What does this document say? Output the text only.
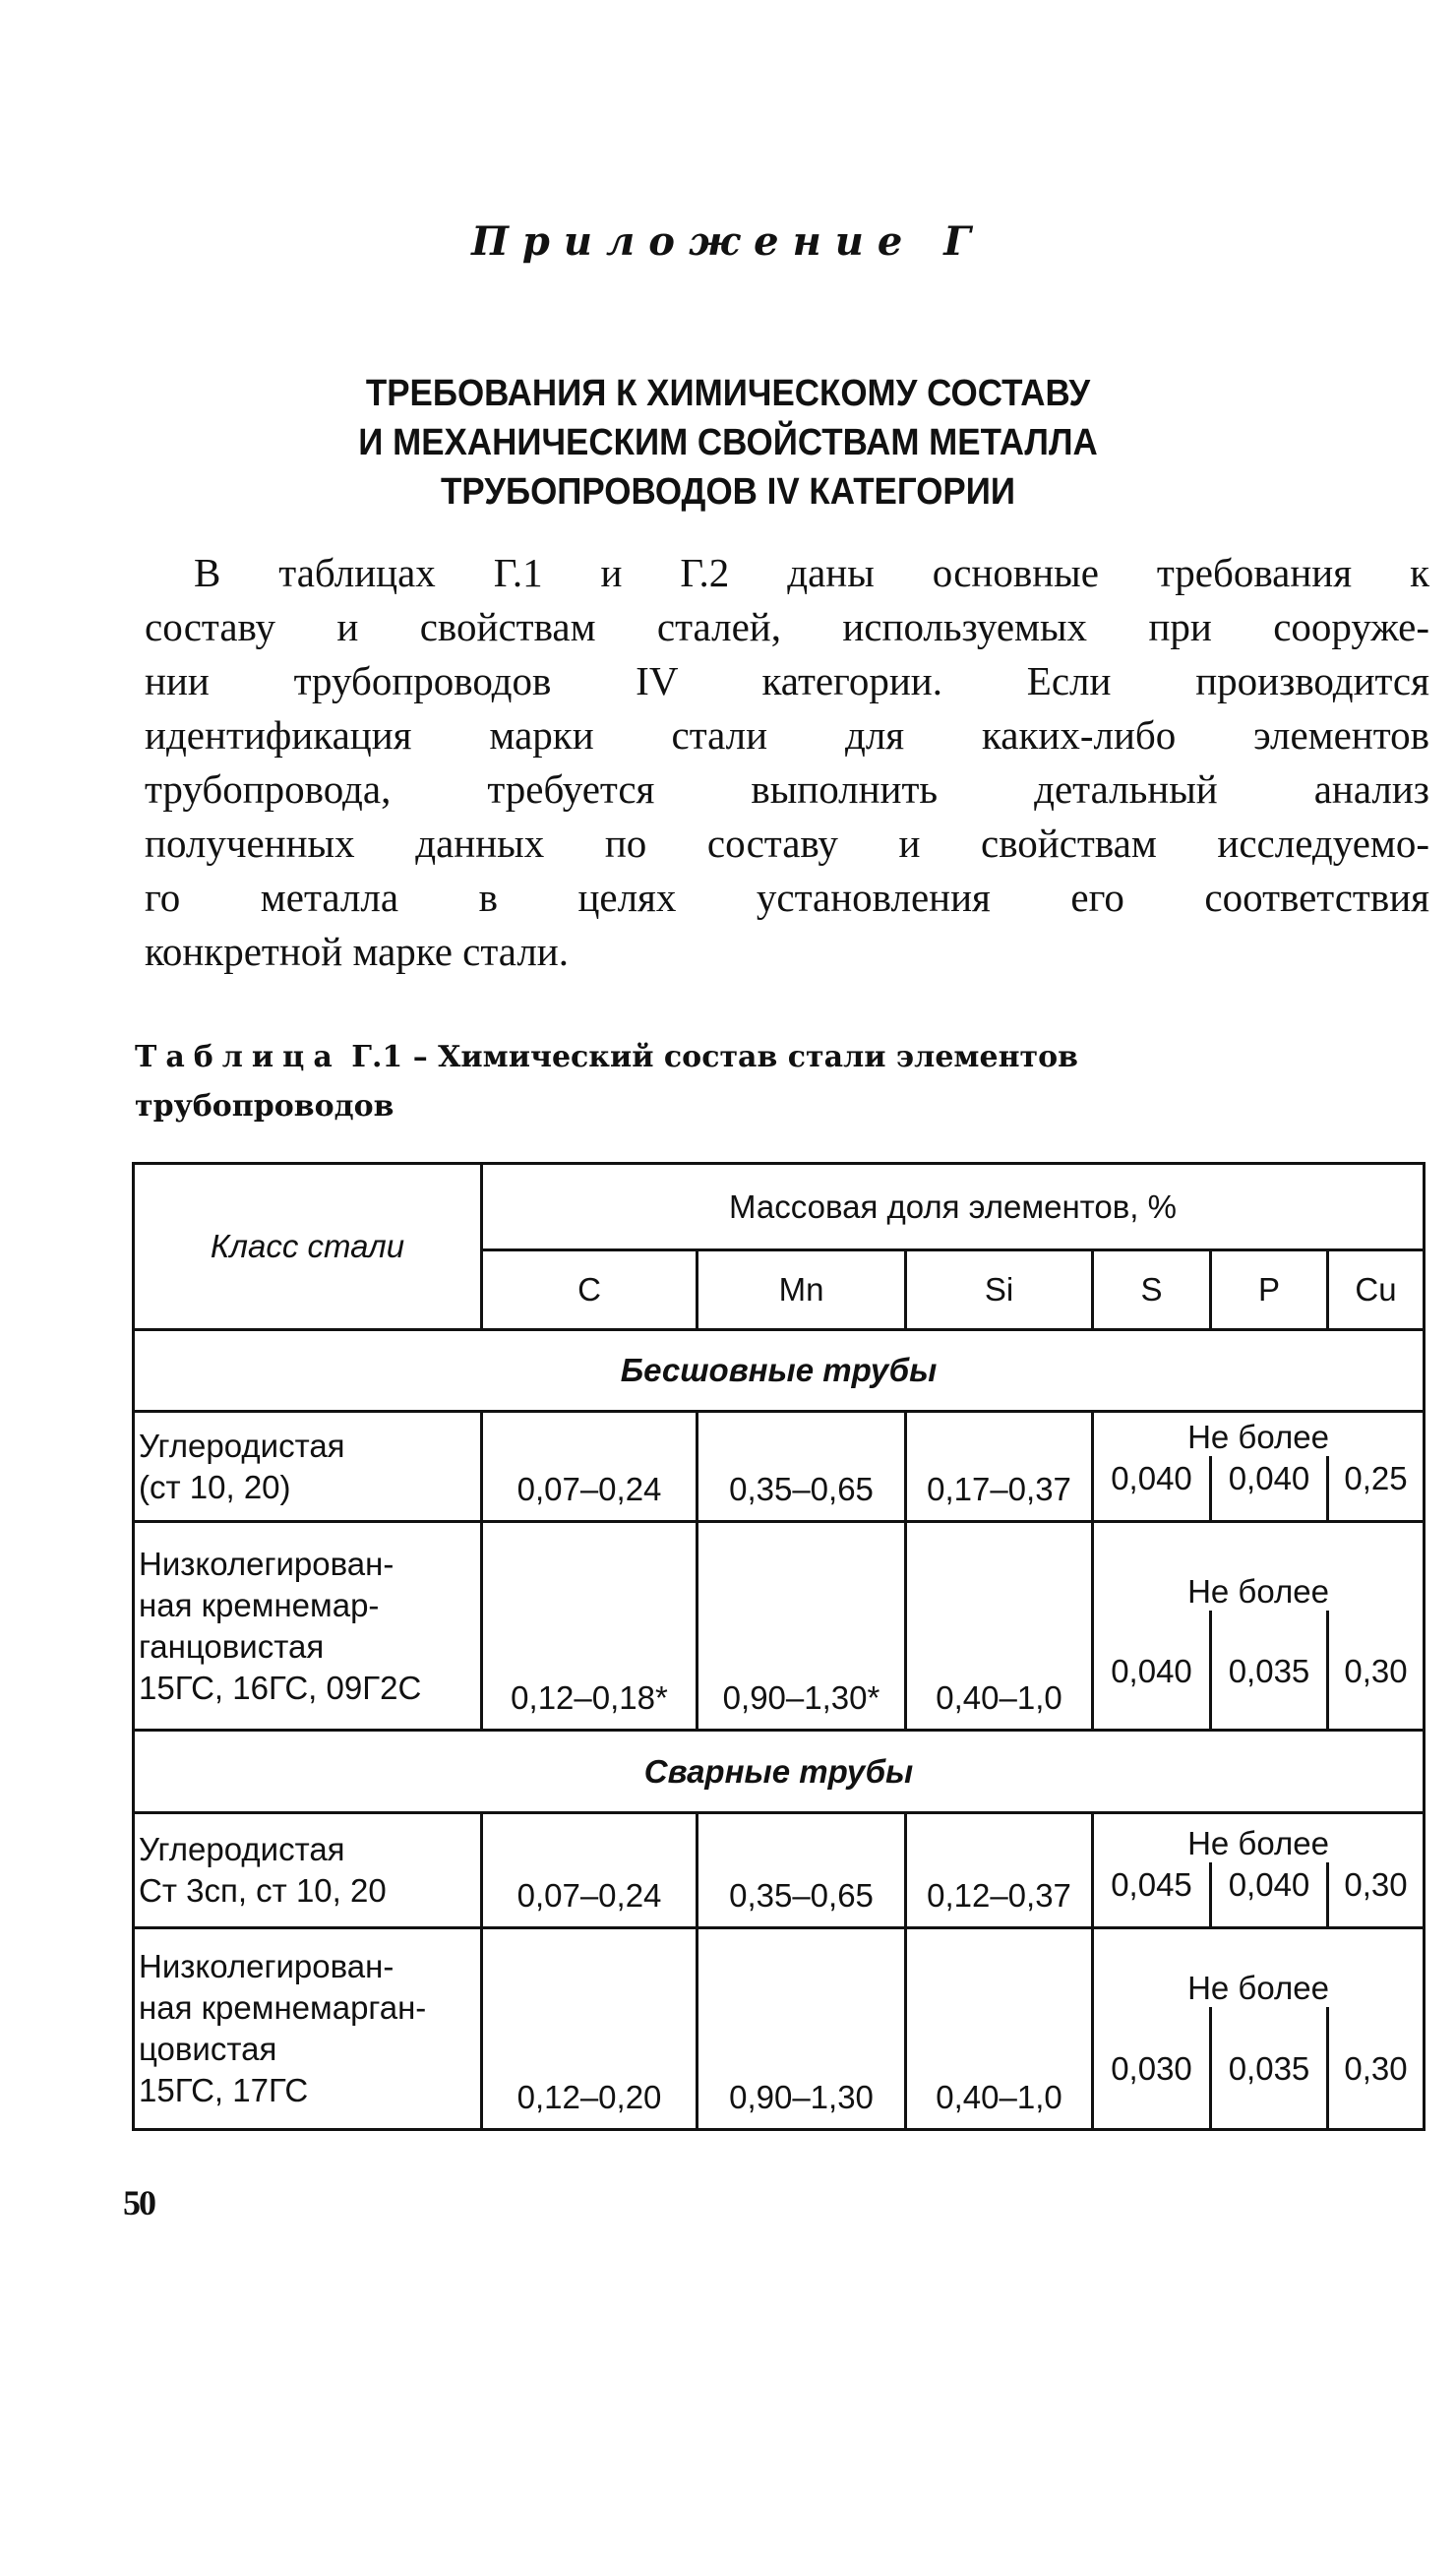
Приложение Г
ТРЕБОВАНИЯ К ХИМИЧЕСКОМУ СОСТАВУ
И МЕХАНИЧЕСКИМ СВОЙСТВАМ МЕТАЛЛА
ТРУБОПРОВОДОВ IV КАТЕГОРИИ
В таблицах Г.1 и Г.2 даны основные требования к
составу и свойствам сталей, используемых при сооруже-
нии трубопроводов IV категории. Если производится
идентификация марки стали для каких-либо элементов
трубопровода, требуется выполнить детальный анализ
полученных данных по составу и свойствам исследуемо-
го металла в целях установления его соответствия
конкретной марке стали.
Таблица Г.1 – Химический состав стали элементов
трубопроводов
Класс стали	Массовая доля элементов, %					
	C	Mn	Si	S	P	Cu
Бесшовные трубы						

Углеродистая
(ст 10, 20)	0,07–0,24	0,35–0,65	0,17–0,37	Не более		
				0,040	0,040	0,25

Низколегирован-
ная кремнемар-
ганцовистая
15ГС, 16ГС, 09Г2С	0,12–0,18*	0,90–1,30*	0,40–1,0	Не более		
				0,040	0,035	0,30
Сварные трубы						

Углеродистая
Ст 3сп, ст 10, 20	0,07–0,24	0,35–0,65	0,12–0,37	Не более		
				0,045	0,040	0,30

Низколегирован-
ная кремнемарган-
цовистая
15ГС, 17ГС	0,12–0,20	0,90–1,30	0,40–1,0	Не более		
				0,030	0,035	0,30
50
